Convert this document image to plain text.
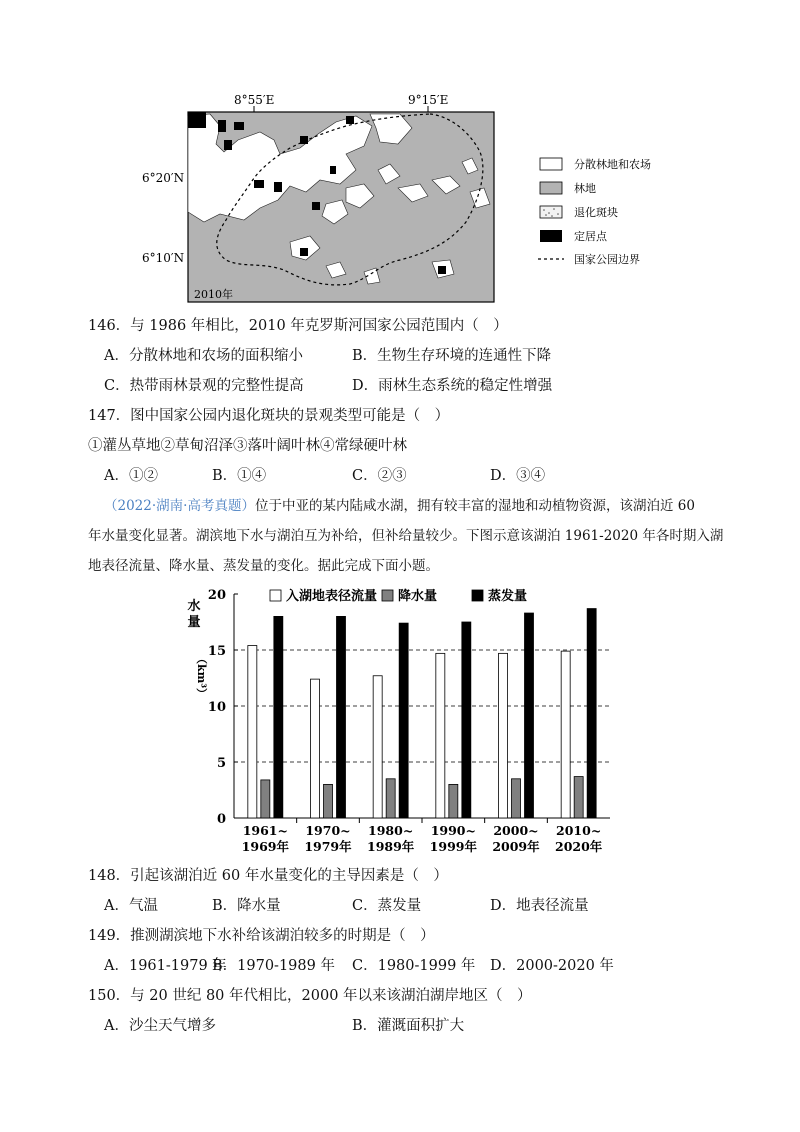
8°55′E	9°15′E
6°20′N
6°10′N
2010年
分散林地和农场
林地
退化斑块
定居点
国家公园边界
146．与 1986 年相比，2010 年克罗斯河国家公园范围内（　）
A．分散林地和农场的面积缩小	B．生物生存环境的连通性下降
C．热带雨林景观的完整性提高	D．雨林生态系统的稳定性增强
147．图中国家公园内退化斑块的景观类型可能是（　）
①灌丛草地②草甸沼泽③落叶阔叶林④常绿硬叶林
A．①②	B．①④	C．②③	D．③④
（2022·湖南·高考真题）位于中亚的某内陆咸水湖，拥有较丰富的湿地和动植物资源，该湖泊近 60
年水量变化显著。湖滨地下水与湖泊互为补给，但补给量较少。下图示意该湖泊 1961-2020 年各时期入湖
地表径流量、降水量、蒸发量的变化。据此完成下面小题。
0
5
10
15
20
水
量
（km³）
1961~
1969年
1970~
1979年
1980~
1989年
1990~
1999年
2000~
2009年
2010~
2020年
入湖地表径流量 降水量	蒸发量
148．引起该湖泊近 60 年水量变化的主导因素是（　）
A．气温	B．降水量	C．蒸发量	D．地表径流量
149．推测湖滨地下水补给该湖泊较多的时期是（　）
A．1961-1979 年
B．1970-1989 年 C．1980-1999 年 D．2000-2020 年
150．与 20 世纪 80 年代相比，2000 年以来该湖泊湖岸地区（　）
A．沙尘天气增多	B．灌溉面积扩大
